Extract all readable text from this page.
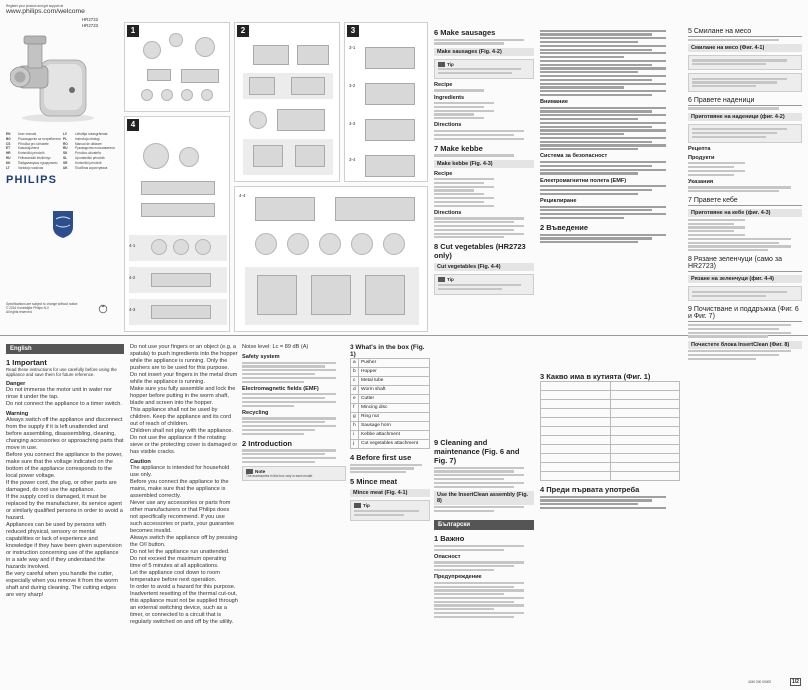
Register your product and get support at
www.philips.com/welcome
HR2722
HR2723
EN	User manual	LV	Lietotāja rokasgrāmata
BG	Ръководство за потребителя PL	Instrukcja obsługi
CS	Příručka pro uživatele	RO	Manual de utilizare
ET	Kasutusjuhend	RU	Руководство пользователя
HR	Korisnički priručnik	SK	Príručka užívateľa
HU	Felhasználói kézikönyv	SL	Uporabniški priročnik
KK	Пайдаланушы нұсқаулығы SR	Korisnički priručnik
LT	Vartotojo vadovas	UK	Посібник користувача
PHILIPS
Specifications are subject to change without notice
© 2016 Koninklijke Philips N.V.
All rights reserved.
1	2	3
3-1
3-2
3-3
3-4
4
4-1
4-2
4-3
4-4
English
1 Important
Read these instructions for use carefully before using the appliance and save them for future reference.
Danger
Do not immerse the motor unit in water nor rinse it under the tap.
Do not connect the appliance to a timer switch.
Warning
Always switch off the appliance and disconnect from the supply if it is left unattended and before assembling, disassembling, cleaning, changing accessories or approaching parts that move in use.
Before you connect the appliance to the power, make sure that the voltage indicated on the bottom of the appliance corresponds to the local power voltage.
If the power cord, the plug, or other parts are damaged, do not use the appliance.
If the supply cord is damaged, it must be replaced by the manufacturer, its service agent or similarly qualified persons in order to avoid a hazard.
Appliances can be used by persons with reduced physical, sensory or mental capabilities or lack of experience and knowledge if they have been given supervision or instruction concerning use of the appliance in a safe way and if they understand the hazards involved.
Be very careful when you handle the cutter, especially when you remove it from the worm shaft and during cleaning. The cutting edges are very sharp!
Do not use your fingers or an object (e.g. a spatula) to push ingredients into the hopper while the appliance is running. Only the pushers are to be used for this purpose.
Do not insert your fingers in the metal drum while the appliance is running.
Make sure you fully assemble and lock the hopper before putting in the worm shaft, blade and screen into the hopper.
This appliance shall not be used by children. Keep the appliance and its cord out of reach of children.
Children shall not play with the appliance.
Do not use the appliance if the rotating sieve or the protecting cover is damaged or has visible cracks.
Caution
The appliance is intended for household use only.
Before you connect the appliance to the mains, make sure that the appliance is assembled correctly.
Never use any accessories or parts from other manufacturers or that Philips does not specifically recommend. If you use such accessories or parts, your guarantee becomes invalid.
Always switch the appliance off by pressing the O/I button.
Do not let the appliance run unattended.
Do not exceed the maximum operating time of 5 minutes at all applications.
Let the appliance cool down to room temperature before next operation.
In order to avoid a hazard for this purpose.
Inadvertent resetting of the thermal cut-out, this appliance must not be supplied through an external switching device, such as a timer, or connected to a circuit that is regularly switched on and off by the utility.
Noise level: Lc = 89 dB (A)
Safety system
Electromagnetic fields (EMF)
Recycling
2 Introduction
Note
The accessories in this box vary in each model.
3 What's in the box (Fig. 1)
a	Pusher
b	Hopper
c	Metal tube
d	Worm shaft
e	Cutter
f	Mincing disc
g	Ring nut
h	Sausage horn
i	Kebbe attachment
j	Cut vegetables attachment
4 Before first use
5 Mince meat
Mince meat (Fig. 4-1)
Tip
6 Make sausages
Make sausages (Fig. 4-2)
Tip
Recipe
Ingredients
Directions
7 Make kebbe
Make kebbe (Fig. 4-3)
Recipe
Directions
8 Cut vegetables (HR2723 only)
Cut vegetables (Fig. 4-4)
Tip
9 Cleaning and maintenance (Fig. 6 and Fig. 7)
Use the InsertClean assembly (Fig. 8)
Български
1 Важно
Опасност
Предупреждение
Внимание
Система за безопасност
Електромагнитни полета (EMF)
Рециклиране
2 Въведение
3 Какво има в кутията (Фиг. 1)

4 Преди първата употреба
5 Смилане на месо
Смилане на месо (Фиг. 4-1)
6 Правете наденици
Приготвяне на наденици (фиг. 4-2)
Рецепта
Продукти
Указания
7 Правете кебе
Приготвяне на кебе (фиг. 4-3)
8 Рязане зеленчуци (само за HR2723)
Рязане на зеленчуци (фиг. 4-4)
9 Почистване и поддръжка (Фиг. 6 и Фиг. 7)
Почистете блока InsertClean (Фиг. 8)
4240 000 00000	1/2
